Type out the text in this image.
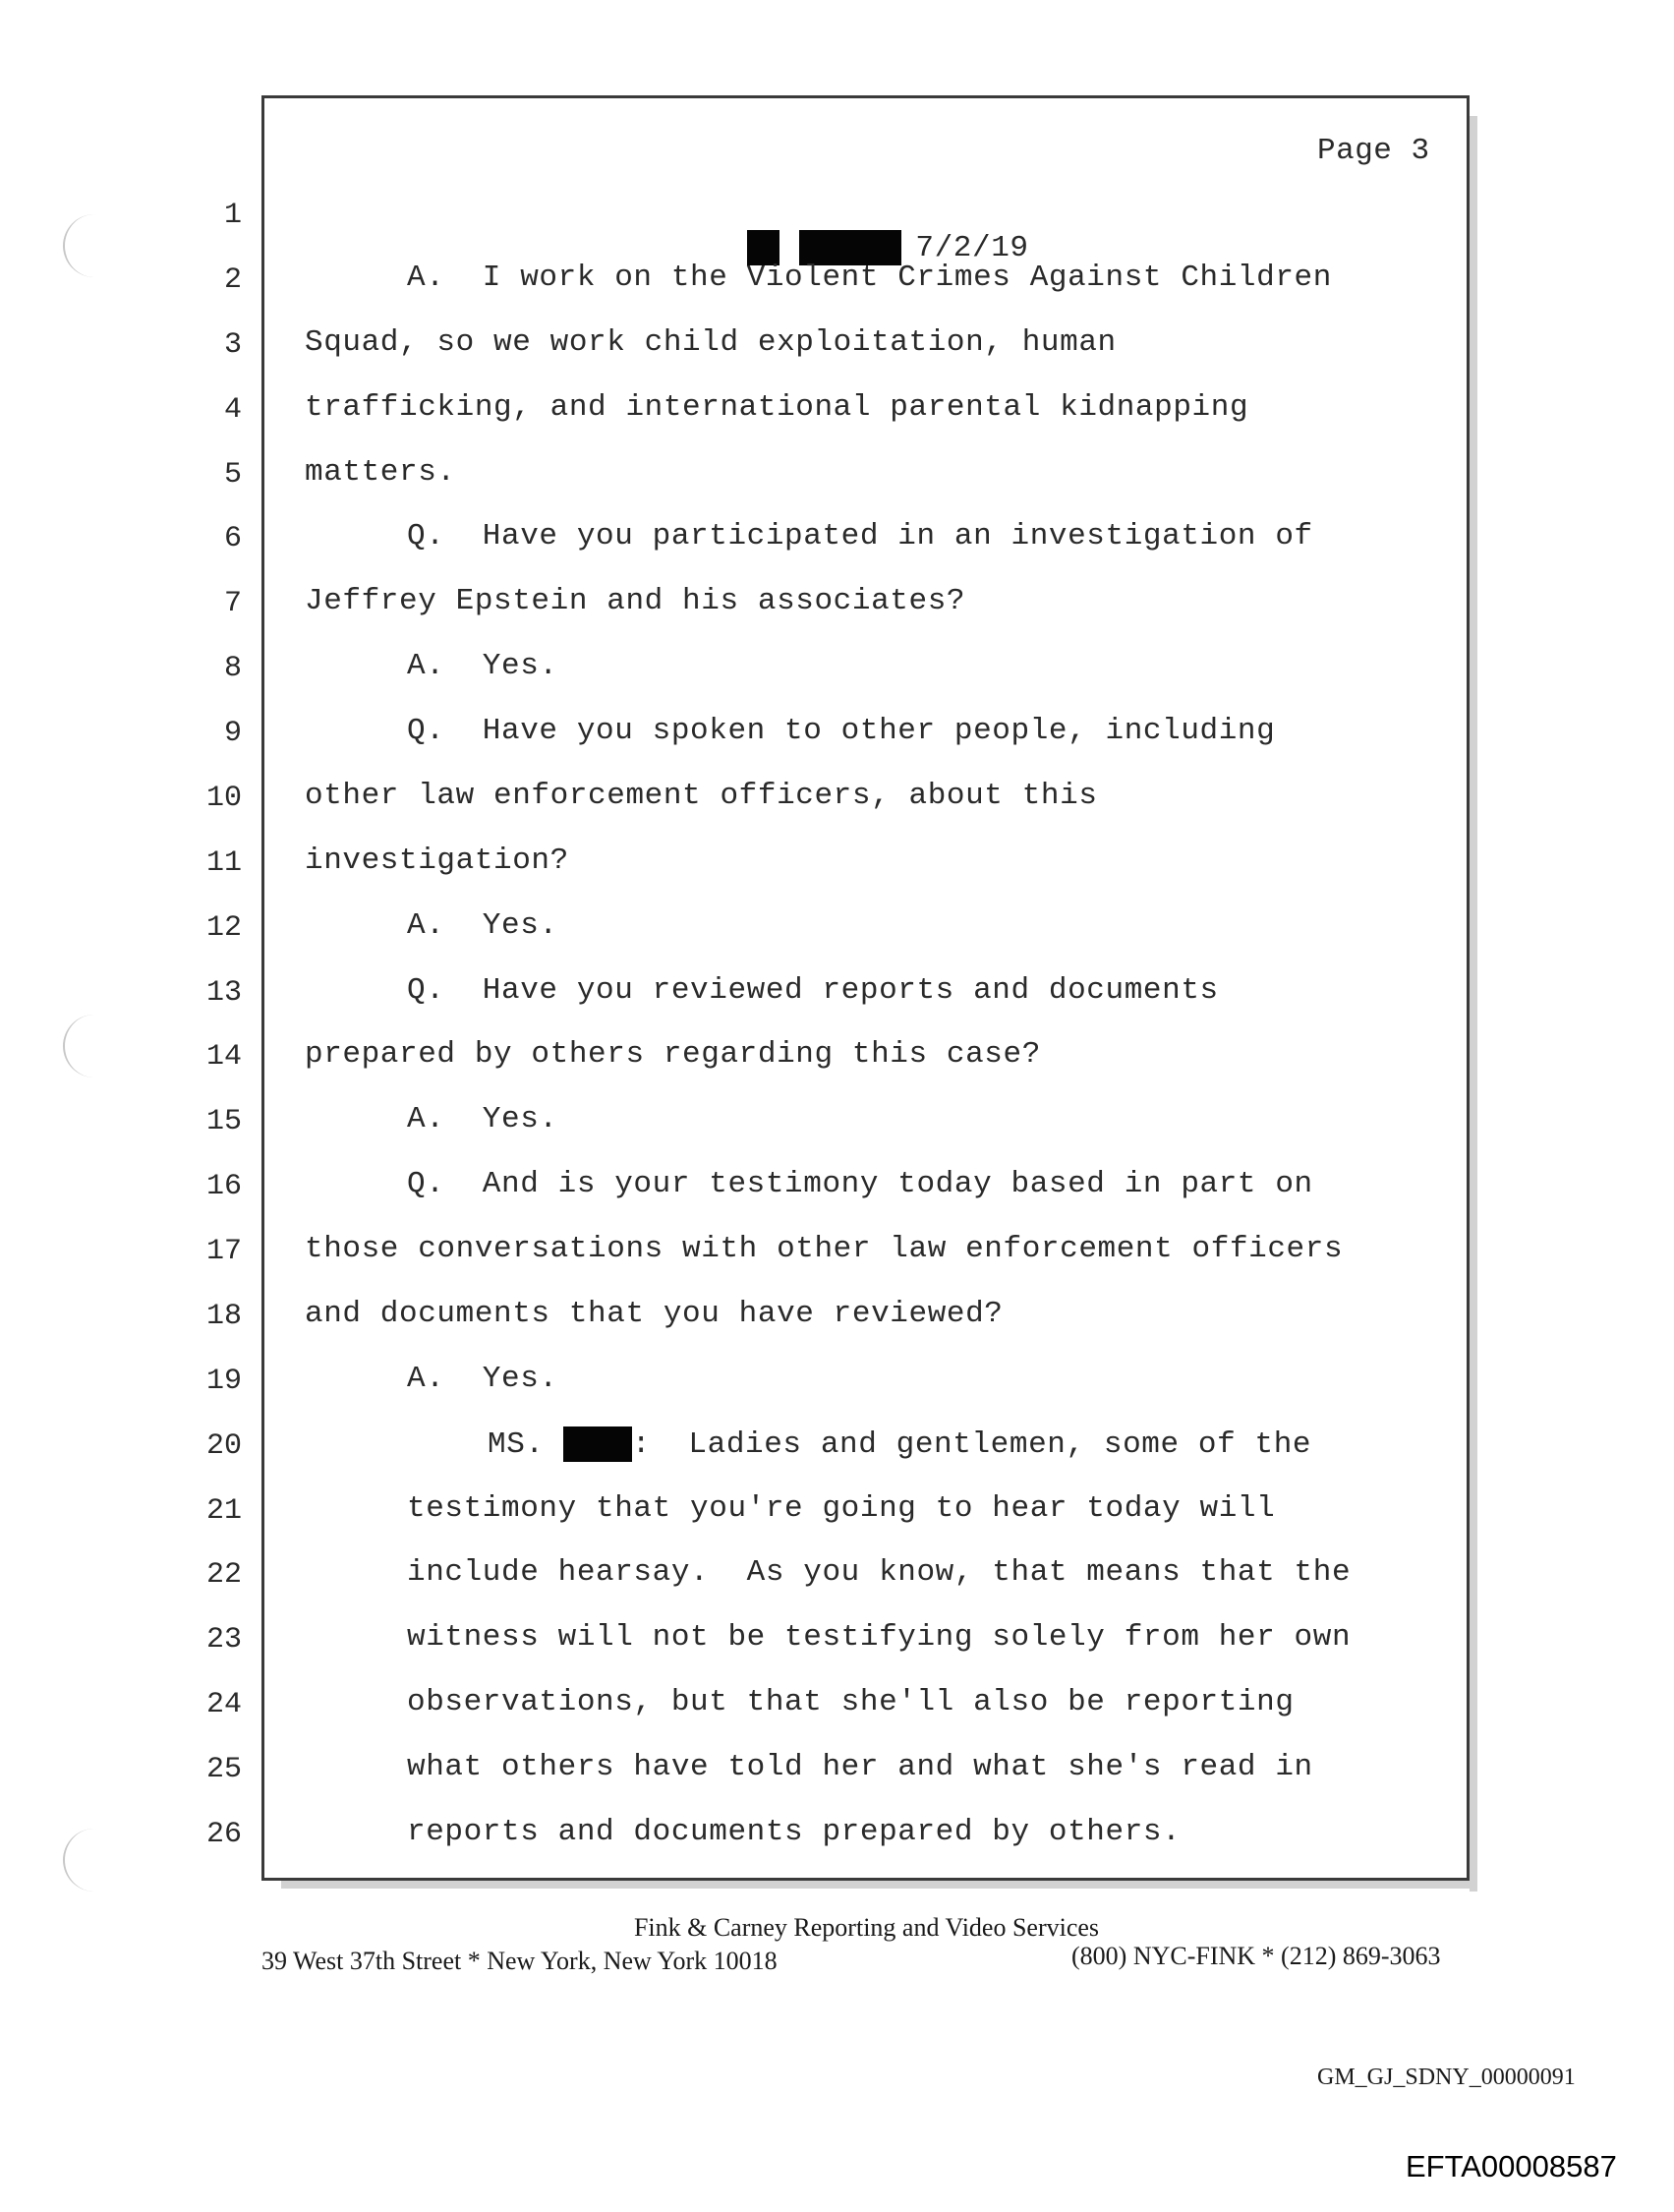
Page 3
1

7/2/19

2	A.  I work on the Violent Crimes Against Children
3 Squad, so we work child exploitation, human
4 trafficking, and international parental kidnapping
5 matters.
6	Q.  Have you participated in an investigation of
7 Jeffrey Epstein and his associates?
8	A.  Yes.
9	Q.  Have you spoken to other people, including
10 other law enforcement officers, about this
11 investigation?
12	A.  Yes.
13	Q.  Have you reviewed reports and documents
14 prepared by others regarding this case?
15	A.  Yes.
16	Q.  And is your testimony today based in part on
17 those conversations with other law enforcement officers
18 and documents that you have reviewed?
19	A.  Yes.
20	MS.	:  Ladies and gentlemen, some of the
21	testimony that you're going to hear today will
22	include hearsay.  As you know, that means that the
23	witness will not be testifying solely from her own
24	observations, but that she'll also be reporting
25	what others have told her and what she's read in
26	reports and documents prepared by others.
Fink & Carney Reporting and Video Services
39 West 37th Street * New York, New York 10018	(800) NYC-FINK * (212) 869-3063
GM_GJ_SDNY_00000091
EFTA00008587
